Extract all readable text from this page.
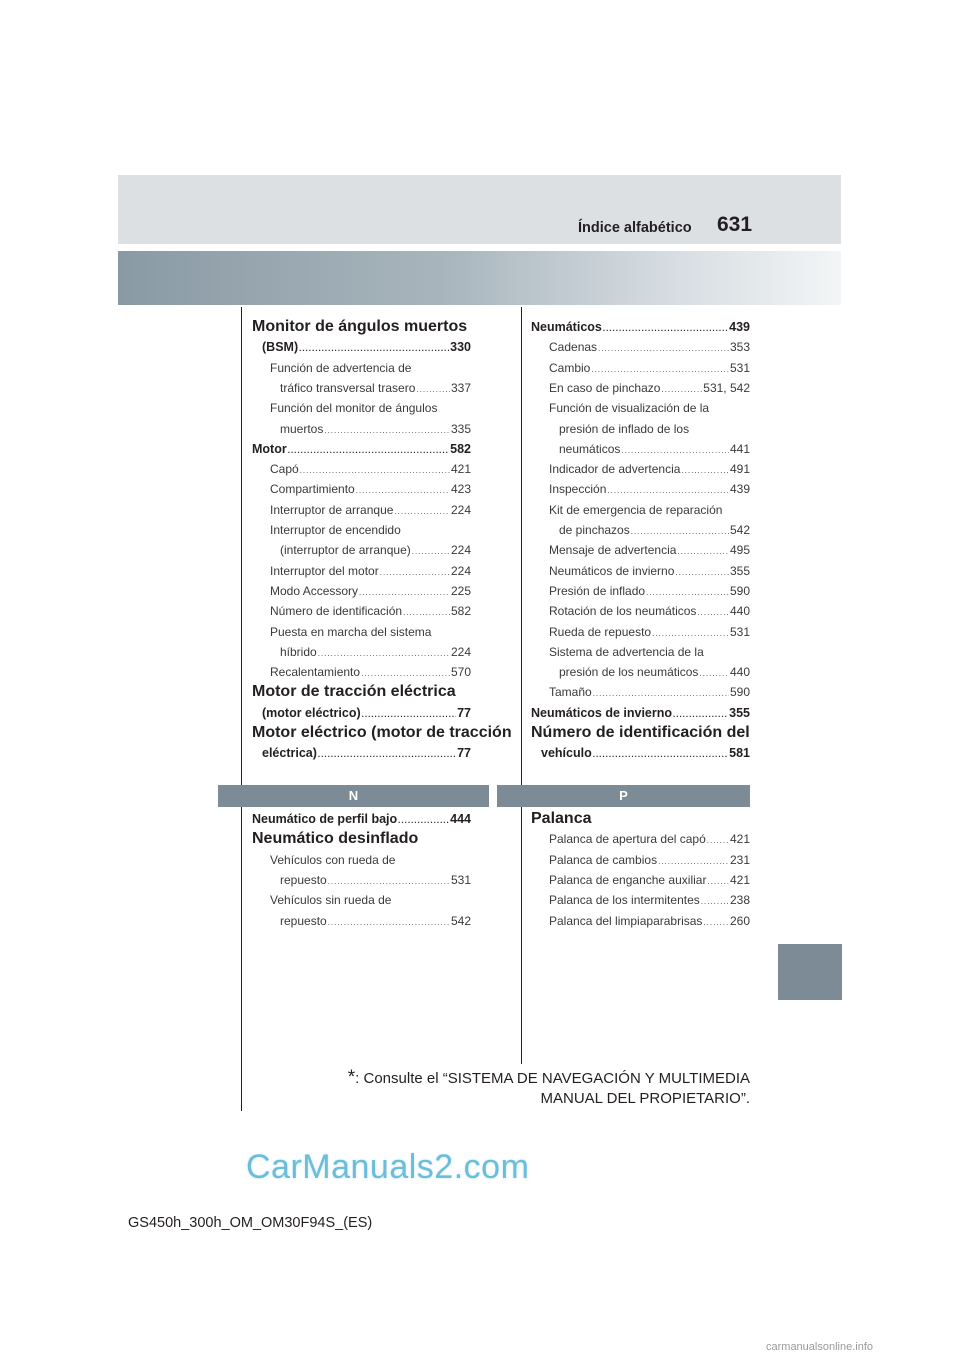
631
Índice alfabético
Monitor de ángulos muertos
(BSM) .....	330
Función de advertencia de
tráfico transversal trasero .....	337
Función del monitor de ángulos
muertos .....	335
Motor .....	582
Capó .....	421
Compartimiento .....	423
Interruptor de arranque .....	224
Interruptor de encendido
(interruptor de arranque) .....	224
Interruptor del motor .....	224
Modo Accessory .....	225
Número de identificación .....	582
Puesta en marcha del sistema
híbrido .....	224
Recalentamiento .....	570
Motor de tracción eléctrica
(motor eléctrico) .....	77
Motor eléctrico (motor de tracción
eléctrica) .....	77
Neumáticos .....	439
Cadenas .....	353
Cambio .....	531
En caso de pinchazo .....	531, 542
Función de visualización de la
presión de inflado de los
neumáticos .....	441
Indicador de advertencia .....	491
Inspección .....	439
Kit de emergencia de reparación
de pinchazos .....	542
Mensaje de advertencia .....	495
Neumáticos de invierno .....	355
Presión de inflado .....	590
Rotación de los neumáticos .....	440
Rueda de repuesto .....	531
Sistema de advertencia de la
presión de los neumáticos .....	440
Tamaño .....	590
Neumáticos de invierno .....	355
Número de identificación del
vehículo .....	581
N	P
Neumático de perfil bajo .....	444
Neumático desinflado
Vehículos con rueda de
repuesto .....	531
Vehículos sin rueda de
repuesto .....	542
Palanca
Palanca de apertura del capó ..... 421
Palanca de cambios .....	231
Palanca de enganche auxiliar ..... 421
Palanca de los intermitentes .....	238
Palanca del limpiaparabrisas ..... 260
*: Consulte el “SISTEMA DE NAVEGACIÓN Y MULTIMEDIA
MANUAL DEL PROPIETARIO”.
CarManuals2.com
GS450h_300h_OM_OM30F94S_(ES)
carmanualsonline.info
